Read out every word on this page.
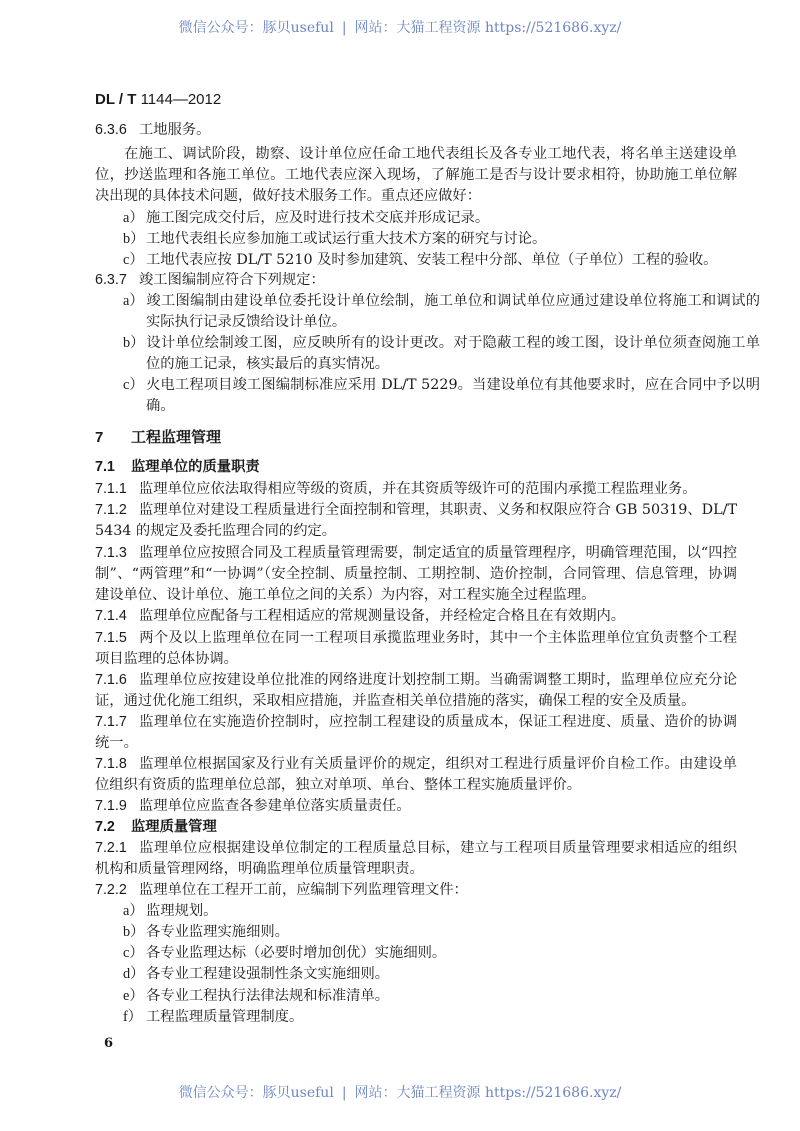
微信公众号：豚贝useful | 网站：大猫工程资源 https://521686.xyz/
DL / T 1144—2012
6.3.6 工地服务。
在施工、调试阶段，勘察、设计单位应任命工地代表组长及各专业工地代表，将名单主送建设单位，抄送监理和各施工单位。工地代表应深入现场，了解施工是否与设计要求相符，协助施工单位解决出现的具体技术问题，做好技术服务工作。重点还应做好：
a） 施工图完成交付后，应及时进行技术交底并形成记录。
b） 工地代表组长应参加施工或试运行重大技术方案的研究与讨论。
c） 工地代表应按 DL/T 5210 及时参加建筑、安装工程中分部、单位（子单位）工程的验收。
6.3.7 竣工图编制应符合下列规定：
a） 竣工图编制由建设单位委托设计单位绘制，施工单位和调试单位应通过建设单位将施工和调试的实际执行记录反馈给设计单位。
b） 设计单位绘制竣工图，应反映所有的设计更改。对于隐蔽工程的竣工图，设计单位须查阅施工单位的施工记录，核实最后的真实情况。
c） 火电工程项目竣工图编制标准应采用 DL/T 5229。当建设单位有其他要求时，应在合同中予以明确。
7 工程监理管理
7.1 监理单位的质量职责
7.1.1 监理单位应依法取得相应等级的资质，并在其资质等级许可的范围内承揽工程监理业务。
7.1.2 监理单位对建设工程质量进行全面控制和管理，其职责、义务和权限应符合 GB 50319、DL/T 5434 的规定及委托监理合同的约定。
7.1.3 监理单位应按照合同及工程质量管理需要，制定适宜的质量管理程序，明确管理范围，以“四控制”、“两管理”和“一协调”（安全控制、质量控制、工期控制、造价控制，合同管理、信息管理，协调建设单位、设计单位、施工单位之间的关系）为内容，对工程实施全过程监理。
7.1.4 监理单位应配备与工程相适应的常规测量设备，并经检定合格且在有效期内。
7.1.5 两个及以上监理单位在同一工程项目承揽监理业务时，其中一个主体监理单位宜负责整个工程项目监理的总体协调。
7.1.6 监理单位应按建设单位批准的网络进度计划控制工期。当确需调整工期时，监理单位应充分论证，通过优化施工组织，采取相应措施，并监查相关单位措施的落实，确保工程的安全及质量。
7.1.7 监理单位在实施造价控制时，应控制工程建设的质量成本，保证工程进度、质量、造价的协调统一。
7.1.8 监理单位根据国家及行业有关质量评价的规定，组织对工程进行质量评价自检工作。由建设单位组织有资质的监理单位总部，独立对单项、单台、整体工程实施质量评价。
7.1.9 监理单位应监查各参建单位落实质量责任。
7.2 监理质量管理
7.2.1 监理单位应根据建设单位制定的工程质量总目标，建立与工程项目质量管理要求相适应的组织机构和质量管理网络，明确监理单位质量管理职责。
7.2.2 监理单位在工程开工前，应编制下列监理管理文件：
a） 监理规划。
b） 各专业监理实施细则。
c） 各专业监理达标（必要时增加创优）实施细则。
d） 各专业工程建设强制性条文实施细则。
e） 各专业工程执行法律法规和标准清单。
f） 工程监理质量管理制度。
6
微信公众号：豚贝useful | 网站：大猫工程资源 https://521686.xyz/
